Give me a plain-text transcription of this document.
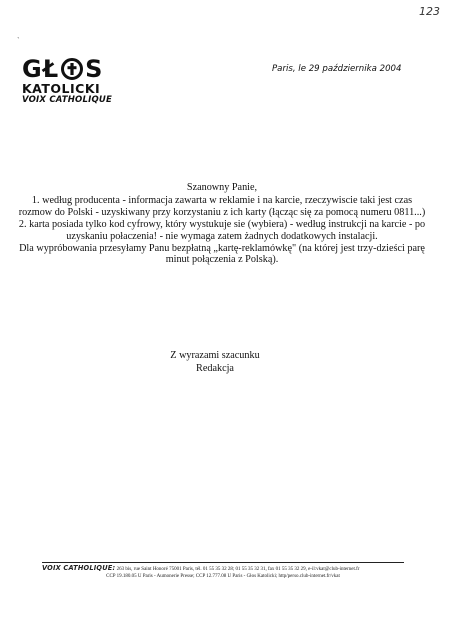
123
ˋ
GŁ S
KATOLICKI
VOIX CATHOLIQUE
Paris, le 29 października 2004

Szanowny Panie,

1. według producenta - informacja zawarta w reklamie i na karcie, rzeczywiscie taki jest czas rozmow do Polski - uzyskiwany przy korzystaniu z ich karty (łącząc się za pomocą numeru 0811...)

2. karta posiada tylko kod cyfrowy, który wystukuje sie (wybiera) - według instrukcji na karcie - po uzyskaniu połaczenia! - nie wymaga zatem żadnych dodatkowych instalacji.

Dla wypróbowania przesyłamy Panu bezpłatną „kartę-reklamówkę" (na której jest trzy-dzieści parę minut połączenia z Polską).

Z wyrazami szacunku
Redakcja
VOIX CATHOLIQUE: 263 bis, rue Saint Honoré 75001 Paris, tél. 01 55 35 32 28; 01 55 35 32 31, fax 01 55 35 32 29, e-il:vkat@club-internet.fr
CCP 19.180.05 U Paris - Aumonerie Presse; CCP 12.777.08 U Paris - Głos Katolicki; http/perso.club-internet.fr/vkat
